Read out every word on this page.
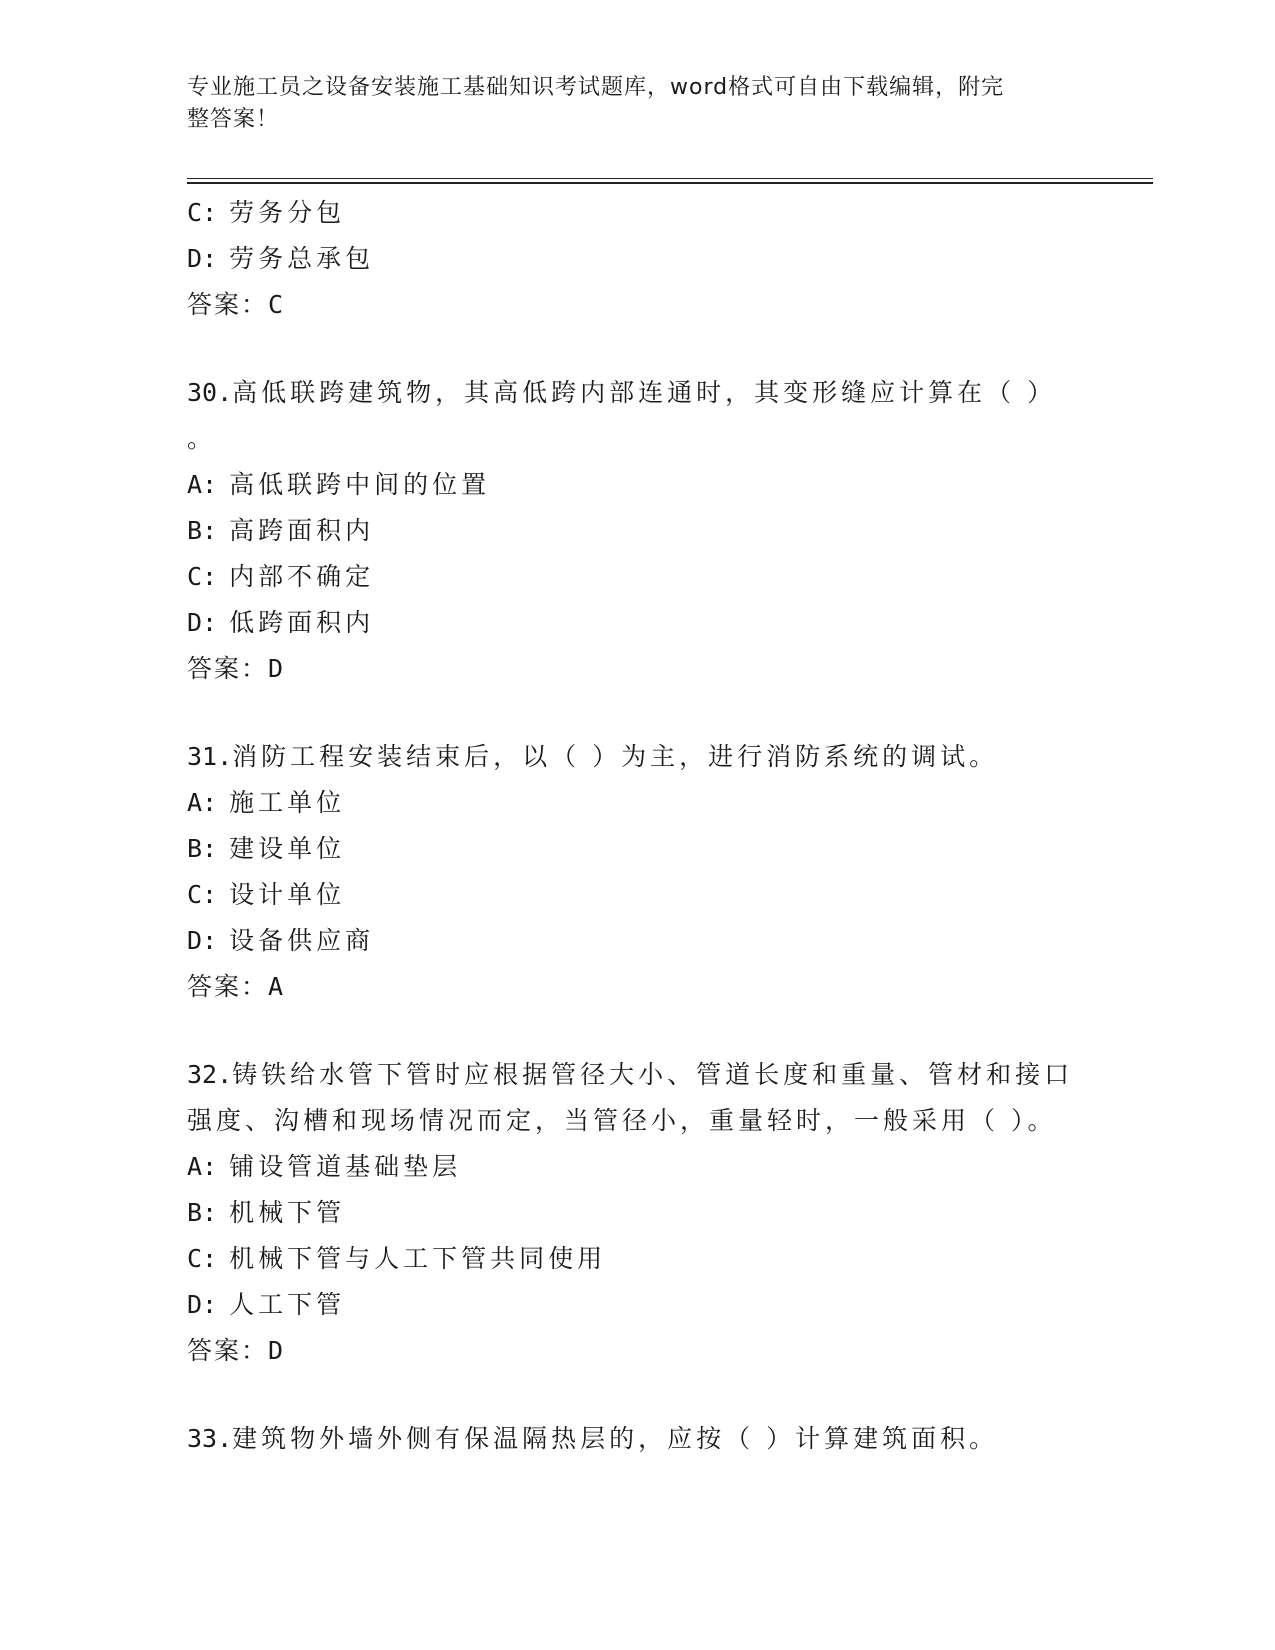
专业施工员之设备安装施工基础知识考试题库，word格式可自由下载编辑，附完
整答案！
C: 劳务分包
D: 劳务总承包
答案：C
30.高低联跨建筑物，其高低跨内部连通时，其变形缝应计算在（ ）
。
A: 高低联跨中间的位置
B: 高跨面积内
C: 内部不确定
D: 低跨面积内
答案：D
31.消防工程安装结束后，以（ ）为主，进行消防系统的调试。
A: 施工单位
B: 建设单位
C: 设计单位
D: 设备供应商
答案：A
32.铸铁给水管下管时应根据管径大小、管道长度和重量、管材和接口
强度、沟槽和现场情况而定，当管径小，重量轻时，一般采用（ ）。
A: 铺设管道基础垫层
B: 机械下管
C: 机械下管与人工下管共同使用
D: 人工下管
答案：D
33.建筑物外墙外侧有保温隔热层的，应按（ ）计算建筑面积。
